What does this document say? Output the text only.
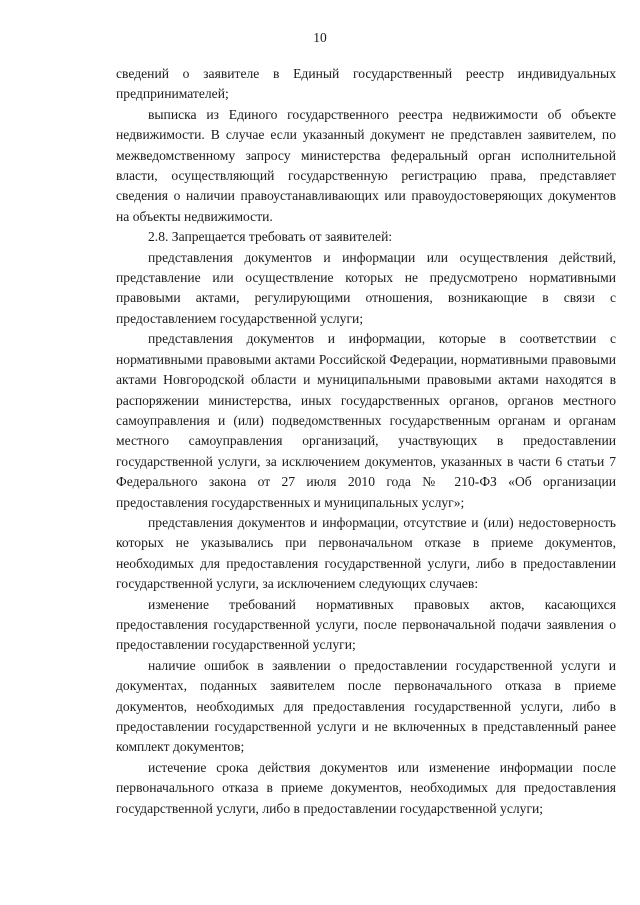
10

сведений о заявителе в Единый государственный реестр индивидуальных предпринимателей;

выписка из Единого государственного реестра недвижимости об объекте недвижимости. В случае если указанный документ не представлен заявителем, по межведомственному запросу министерства федеральный орган исполнительной власти, осуществляющий государственную регистрацию права, представляет сведения о наличии правоустанавливающих или правоудостоверяющих документов на объекты недвижимости.

2.8. Запрещается требовать от заявителей:

представления документов и информации или осуществления действий, представление или осуществление которых не предусмотрено нормативными правовыми актами, регулирующими отношения, возникающие в связи с предоставлением государственной услуги;

представления документов и информации, которые в соответствии с нормативными правовыми актами Российской Федерации, нормативными правовыми актами Новгородской области и муниципальными правовыми актами находятся в распоряжении министерства, иных государственных органов, органов местного самоуправления и (или) подведомственных государственным органам и органам местного самоуправления организаций, участвующих в предоставлении государственной услуги, за исключением документов, указанных в части 6 статьи 7 Федерального закона от 27 июля 2010 года № 210-ФЗ «Об организации предоставления государственных и муниципальных услуг»;

представления документов и информации, отсутствие и (или) недостоверность которых не указывались при первоначальном отказе в приеме документов, необходимых для предоставления государственной услуги, либо в предоставлении государственной услуги, за исключением следующих случаев:

изменение требований нормативных правовых актов, касающихся предоставления государственной услуги, после первоначальной подачи заявления о предоставлении государственной услуги;

наличие ошибок в заявлении о предоставлении государственной услуги и документах, поданных заявителем после первоначального отказа в приеме документов, необходимых для предоставления государственной услуги, либо в предоставлении государственной услуги и не включенных в представленный ранее комплект документов;

истечение срока действия документов или изменение информации после первоначального отказа в приеме документов, необходимых для предоставления государственной услуги, либо в предоставлении государственной услуги;
